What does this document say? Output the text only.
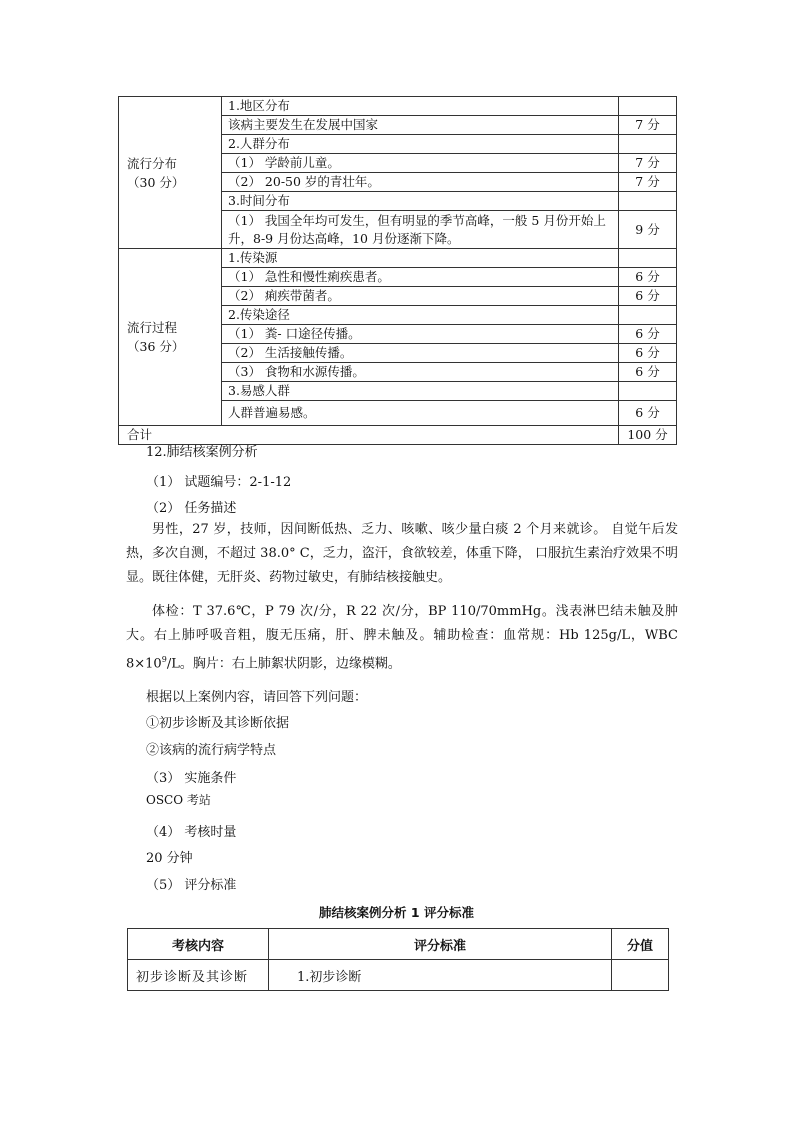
流行分布
（30 分）	1.地区分布	
	该病主要发生在发展中国家	7 分
	2.人群分布	
	（1） 学龄前儿童。	7 分
	（2） 20-50 岁的青壮年。	7 分
	3.时间分布	
	（1） 我国全年均可发生，但有明显的季节高峰，一般 5 月份开始上升，8-9 月份达高峰，10 月份逐渐下降。	9 分

流行过程
（36 分）	1.传染源	
	（1） 急性和慢性痢疾患者。	6 分
	（2） 痢疾带菌者。	6 分
	2.传染途径	
	（1） 粪- 口途径传播。	6 分
	（2） 生活接触传播。	6 分
	（3） 食物和水源传播。	6 分
	3.易感人群	
	人群普遍易感。	6 分
合计		100 分
12.肺结核案例分析
（1） 试题编号：2-1-12
（2） 任务描述
男性，27 岁，技师，因间断低热、乏力、咳嗽、咳少量白痰 2 个月来就诊。 自觉午后发热，多次自测，不超过 38.0° C，乏力，盗汗，食欲较差，体重下降， 口服抗生素治疗效果不明显。既往体健，无肝炎、药物过敏史，有肺结核接触史。
体检：T 37.6℃，P 79 次/分，R 22 次/分，BP 110/70mmHg。浅表淋巴结未触及肿大。右上肺呼吸音粗，腹无压痛，肝、脾未触及。辅助检查：血常规：Hb 125g/L，WBC $8\times 10^9/L$。胸片：右上肺絮状阴影，边缘模糊。
根据以上案例内容，请回答下列问题：
①初步诊断及其诊断依据
②该病的流行病学特点
（3） 实施条件
OSCO 考站
（4） 考核时量
20 分钟
（5） 评分标准
肺结核案例分析 1 评分标准
考核内容	评分标准	分值
初步诊断及其诊断	1.初步诊断	
